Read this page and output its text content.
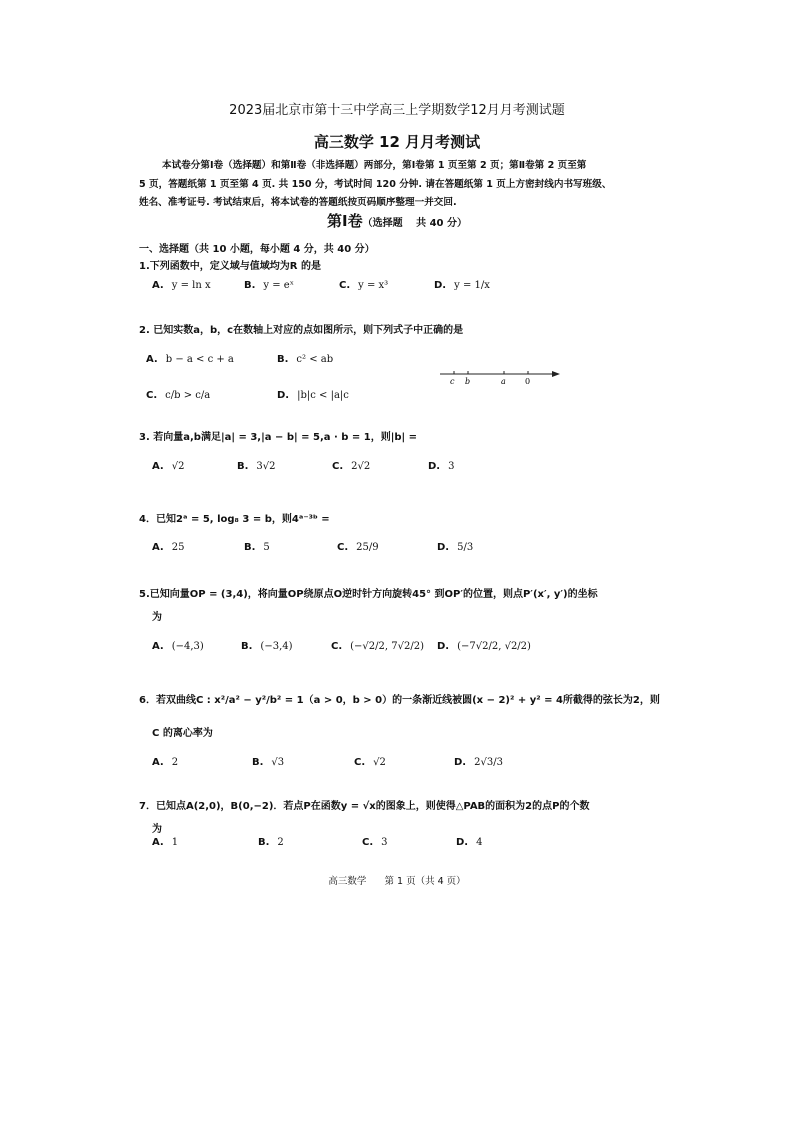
2023届北京市第十三中学高三上学期数学12月月考测试题
高三数学 12 月月考测试
本试卷分第Ⅰ卷（选择题）和第Ⅱ卷（非选择题）两部分，第Ⅰ卷第 1 页至第 2 页；第Ⅱ卷第 2 页至第
5 页，答题纸第 1 页至第 4 页. 共 150 分，考试时间 120 分钟. 请在答题纸第 1 页上方密封线内书写班级、
姓名、准考证号. 考试结束后，将本试卷的答题纸按页码顺序整理一并交回.
第Ⅰ卷（选择题　 共 40 分）
一、选择题（共 10 小题，每小题 4 分，共 40 分）
1.下列函数中，定义域与值域均为R 的是
A. y = ln x	B. y = eˣ	C. y = x³	D. y = 1/x
2. 已知实数a，b，c在数轴上对应的点如图所示，则下列式子中正确的是
A. b − a < c + a	B. c² < ab
C. c/b > c/a	D. |b|c < |a|c
c b	a 0
3. 若向量a,b满足|a| = 3,|a − b| = 5,a · b = 1，则|b| =
A. √2	B. 3√2	C. 2√2	D. 3
4．已知2ᵃ = 5, log₈ 3 = b，则4ᵃ⁻³ᵇ =
A. 25	B. 5	C. 25/9	D. 5/3
5.已知向量OP = (3,4)，将向量OP绕原点O逆时针方向旋转45° 到OP′的位置，则点P′(x′, y′)的坐标
为
A. (−4,3)	B. (−3,4)	C. (−√2/2, 7√2/2) D. (−7√2/2, √2/2)
6．若双曲线C : x²/a² − y²/b² = 1（a > 0，b > 0）的一条渐近线被圆(x − 2)² + y² = 4所截得的弦长为2，则
C 的离心率为
A. 2	B. √3	C. √2	D. 2√3/3
7．已知点A(2,0)，B(0,−2)．若点P在函数y = √x的图象上，则使得△PAB的面积为2的点P的个数
为
A. 1	B. 2	C. 3	D. 4
高三数学 第 1 页（共 4 页）
